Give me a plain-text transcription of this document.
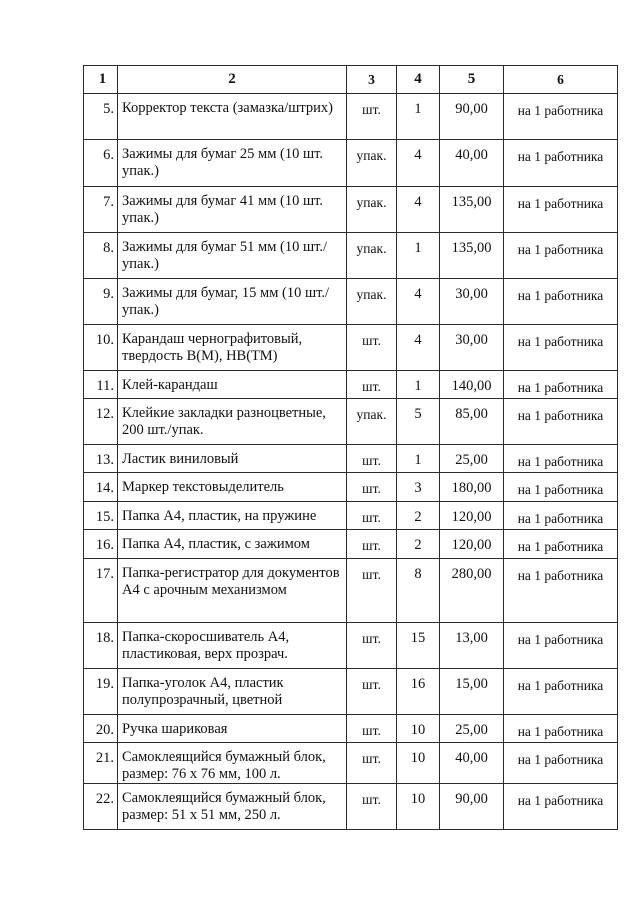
1	2	3	4	5	6
5.	Корректор текста (замазка/штрих)	шт.	1	90,00	на 1 работника
6.	Зажимы для бумаг 25 мм (10 шт. упак.)	упак.	4	40,00	на 1 работника
7.	Зажимы для бумаг 41 мм (10 шт. упак.)	упак.	4	135,00	на 1 работника
8.	Зажимы для бумаг 51 мм (10 шт./упак.)	упак.	1	135,00	на 1 работника
9.	Зажимы для бумаг, 15 мм (10 шт./упак.)	упак.	4	30,00	на 1 работника
10.	Карандаш чернографитовый, твердость В(М), НВ(ТМ)	шт.	4	30,00	на 1 работника
11.	Клей-карандаш	шт.	1	140,00	на 1 работника
12.	Клейкие закладки разноцветные, 200 шт./упак.	упак.	5	85,00	на 1 работника
13.	Ластик виниловый	шт.	1	25,00	на 1 работника
14.	Маркер текстовыделитель	шт.	3	180,00	на 1 работника
15.	Папка А4, пластик, на пружине	шт.	2	120,00	на 1 работника
16.	Папка А4, пластик, с зажимом	шт.	2	120,00	на 1 работника
17.	Папка-регистратор для документов А4 с арочным механизмом	шт.	8	280,00	на 1 работника
18.	Папка-скоросшиватель А4, пластиковая, верх прозрач.	шт.	15	13,00	на 1 работника
19.	Папка-уголок А4, пластик полупрозрачный, цветной	шт.	16	15,00	на 1 работника
20.	Ручка шариковая	шт.	10	25,00	на 1 работника
21.	Самоклеящийся бумажный блок, размер: 76 х 76 мм, 100 л.	шт.	10	40,00	на 1 работника
22.	Самоклеящийся бумажный блок, размер: 51 х 51 мм, 250 л.	шт.	10	90,00	на 1 работника
